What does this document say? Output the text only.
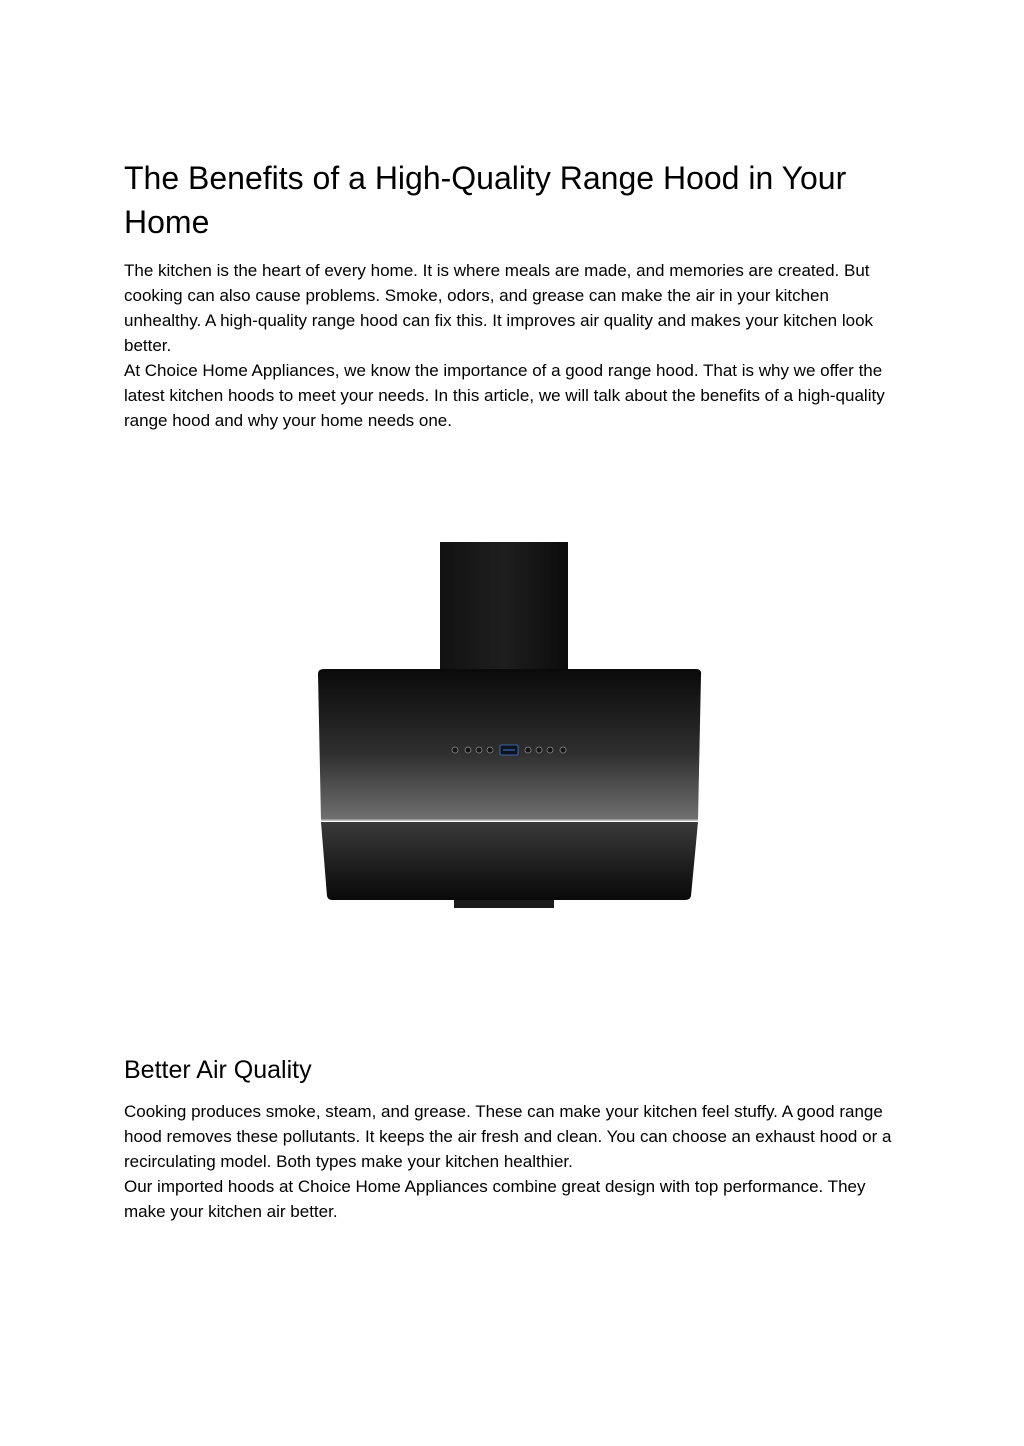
The Benefits of a High-Quality Range Hood in Your Home

The kitchen is the heart of every home. It is where meals are made, and memories are created. But cooking can also cause problems. Smoke, odors, and grease can make the air in your kitchen unhealthy. A high-quality range hood can fix this. It improves air quality and makes your kitchen look better.

At Choice Home Appliances, we know the importance of a good range hood. That is why we offer the latest kitchen hoods to meet your needs. In this article, we will talk about the benefits of a high-quality range hood and why your home needs one.

Better Air Quality

Cooking produces smoke, steam, and grease. These can make your kitchen feel stuffy. A good range hood removes these pollutants. It keeps the air fresh and clean. You can choose an exhaust hood or a recirculating model. Both types make your kitchen healthier.

Our imported hoods at Choice Home Appliances combine great design with top performance. They make your kitchen air better.
